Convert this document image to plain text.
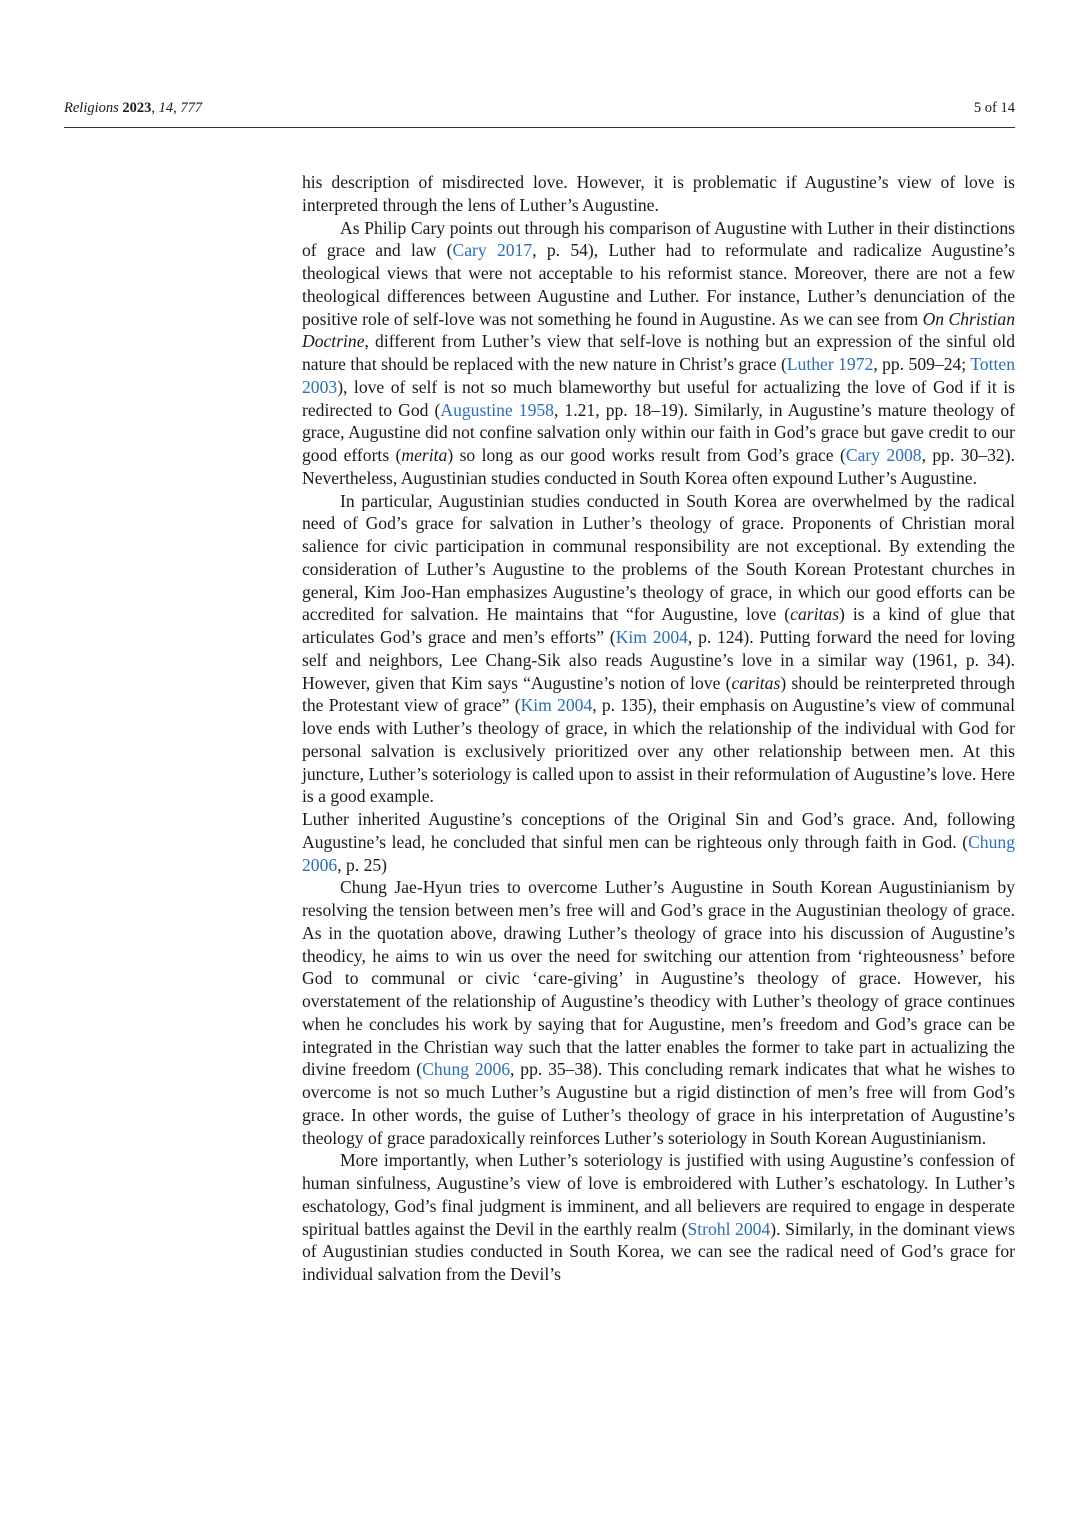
Religions 2023, 14, 777	5 of 14

his description of misdirected love. However, it is problematic if Augustine’s view of love is interpreted through the lens of Luther’s Augustine.

As Philip Cary points out through his comparison of Augustine with Luther in their distinctions of grace and law (Cary 2017, p. 54), Luther had to reformulate and radicalize Augustine’s theological views that were not acceptable to his reformist stance. Moreover, there are not a few theological differences between Augustine and Luther. For instance, Luther’s denunciation of the positive role of self-love was not something he found in Augustine. As we can see from On Christian Doctrine, different from Luther’s view that self-love is nothing but an expression of the sinful old nature that should be replaced with the new nature in Christ’s grace (Luther 1972, pp. 509–24; Totten 2003), love of self is not so much blameworthy but useful for actualizing the love of God if it is redirected to God (Augustine 1958, 1.21, pp. 18–19). Similarly, in Augustine’s mature theology of grace, Augustine did not confine salvation only within our faith in God’s grace but gave credit to our good efforts (merita) so long as our good works result from God’s grace (Cary 2008, pp. 30–32). Nevertheless, Augustinian studies conducted in South Korea often expound Luther’s Augustine.

In particular, Augustinian studies conducted in South Korea are overwhelmed by the radical need of God’s grace for salvation in Luther’s theology of grace. Proponents of Christian moral salience for civic participation in communal responsibility are not exceptional. By extending the consideration of Luther’s Augustine to the problems of the South Korean Protestant churches in general, Kim Joo-Han emphasizes Augustine’s theology of grace, in which our good efforts can be accredited for salvation. He maintains that “for Augustine, love (caritas) is a kind of glue that articulates God’s grace and men’s efforts” (Kim 2004, p. 124). Putting forward the need for loving self and neighbors, Lee Chang-Sik also reads Augustine’s love in a similar way (1961, p. 34). However, given that Kim says “Augustine’s notion of love (caritas) should be reinterpreted through the Protestant view of grace” (Kim 2004, p. 135), their emphasis on Augustine’s view of communal love ends with Luther’s theology of grace, in which the relationship of the individual with God for personal salvation is exclusively prioritized over any other relationship between men. At this juncture, Luther’s soteriology is called upon to assist in their reformulation of Augustine’s love. Here is a good example.

Luther inherited Augustine’s conceptions of the Original Sin and God’s grace. And, following Augustine’s lead, he concluded that sinful men can be righteous only through faith in God. (Chung 2006, p. 25)

Chung Jae-Hyun tries to overcome Luther’s Augustine in South Korean Augustinianism by resolving the tension between men’s free will and God’s grace in the Augustinian theology of grace. As in the quotation above, drawing Luther’s theology of grace into his discussion of Augustine’s theodicy, he aims to win us over the need for switching our attention from ‘righteousness’ before God to communal or civic ‘care-giving’ in Augustine’s theology of grace. However, his overstatement of the relationship of Augustine’s theodicy with Luther’s theology of grace continues when he concludes his work by saying that for Augustine, men’s freedom and God’s grace can be integrated in the Christian way such that the latter enables the former to take part in actualizing the divine freedom (Chung 2006, pp. 35–38). This concluding remark indicates that what he wishes to overcome is not so much Luther’s Augustine but a rigid distinction of men’s free will from God’s grace. In other words, the guise of Luther’s theology of grace in his interpretation of Augustine’s theology of grace paradoxically reinforces Luther’s soteriology in South Korean Augustinianism.

More importantly, when Luther’s soteriology is justified with using Augustine’s confession of human sinfulness, Augustine’s view of love is embroidered with Luther’s eschatology. In Luther’s eschatology, God’s final judgment is imminent, and all believers are required to engage in desperate spiritual battles against the Devil in the earthly realm (Strohl 2004). Similarly, in the dominant views of Augustinian studies conducted in South Korea, we can see the radical need of God’s grace for individual salvation from the Devil’s
